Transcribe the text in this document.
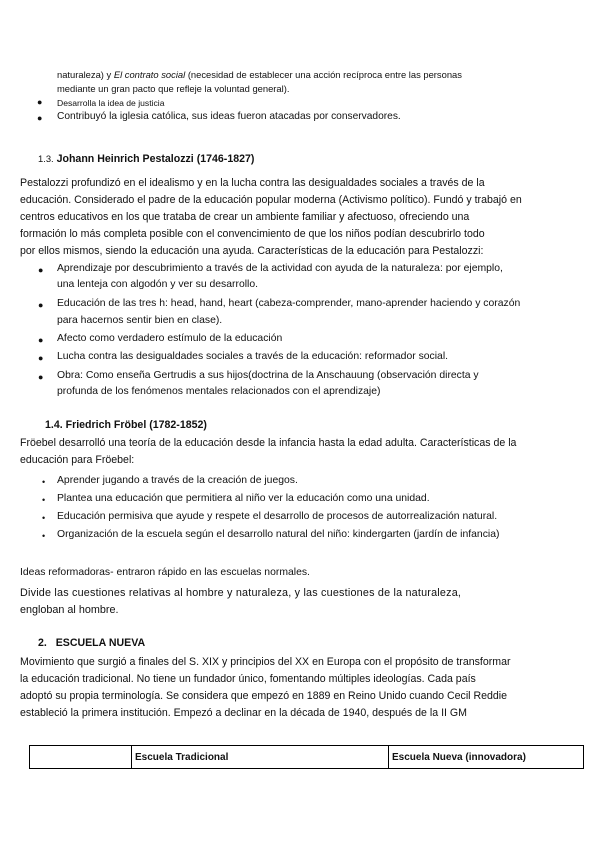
naturaleza) y El contrato social (necesidad de establecer una acción recíproca entre las personas

mediante un gran pacto que refleje la voluntad general).

● Desarrolla la idea de justicia

● Contribuyó la iglesia católica, sus ideas fueron atacadas por conservadores.

1.3. Johann Heinrich Pestalozzi (1746-1827)

Pestalozzi profundizó en el idealismo y en la lucha contra las desigualdades sociales a través de la

educación. Considerado el padre de la educación popular moderna (Activismo político). Fundó y trabajó en

centros educativos en los que trataba de crear un ambiente familiar y afectuoso, ofreciendo una

formación lo más completa posible con el convencimiento de que los niños podían descubrirlo todo

por ellos mismos, siendo la educación una ayuda. Características de la educación para Pestalozzi:

● Aprendizaje por descubrimiento a través de la actividad con ayuda de la naturaleza: por ejemplo,

una lenteja con algodón y ver su desarrollo.

● Educación de las tres h: head, hand, heart (cabeza-comprender, mano-aprender haciendo y corazón

para hacernos sentir bien en clase).

● Afecto como verdadero estímulo de la educación

● Lucha contra las desigualdades sociales a través de la educación: reformador social.

● Obra: Como enseña Gertrudis a sus hijos(doctrina de la Anschauung (observación directa y

profunda de los fenómenos mentales relacionados con el aprendizaje)

1.4. Friedrich Fröbel (1782-1852)

Fröebel desarrolló una teoría de la educación desde la infancia hasta la edad adulta. Características de la

educación para Fröebel:

• Aprender jugando a través de la creación de juegos.

• Plantea una educación que permitiera al niño ver la educación como una unidad.

• Educación permisiva que ayude y respete el desarrollo de procesos de autorrealización natural.

• Organización de la escuela según el desarrollo natural del niño: kindergarten (jardín de infancia)

Ideas reformadoras- entraron rápido en las escuelas normales.

Divide las cuestiones relativas al hombre y naturaleza, y las cuestiones de la naturaleza,

engloban al hombre.

2. ESCUELA NUEVA

Movimiento que surgió a finales del S. XIX y principios del XX en Europa con el propósito de transformar

la educación tradicional. No tiene un fundador único, fomentando múltiples ideologías. Cada país

adoptó su propia terminología. Se considera que empezó en 1889 en Reino Unido cuando Cecil Reddie

estableció la primera institución. Empezó a declinar en la década de 1940, después de la II GM

	Escuela Tradicional	Escuela Nueva (innovadora)
